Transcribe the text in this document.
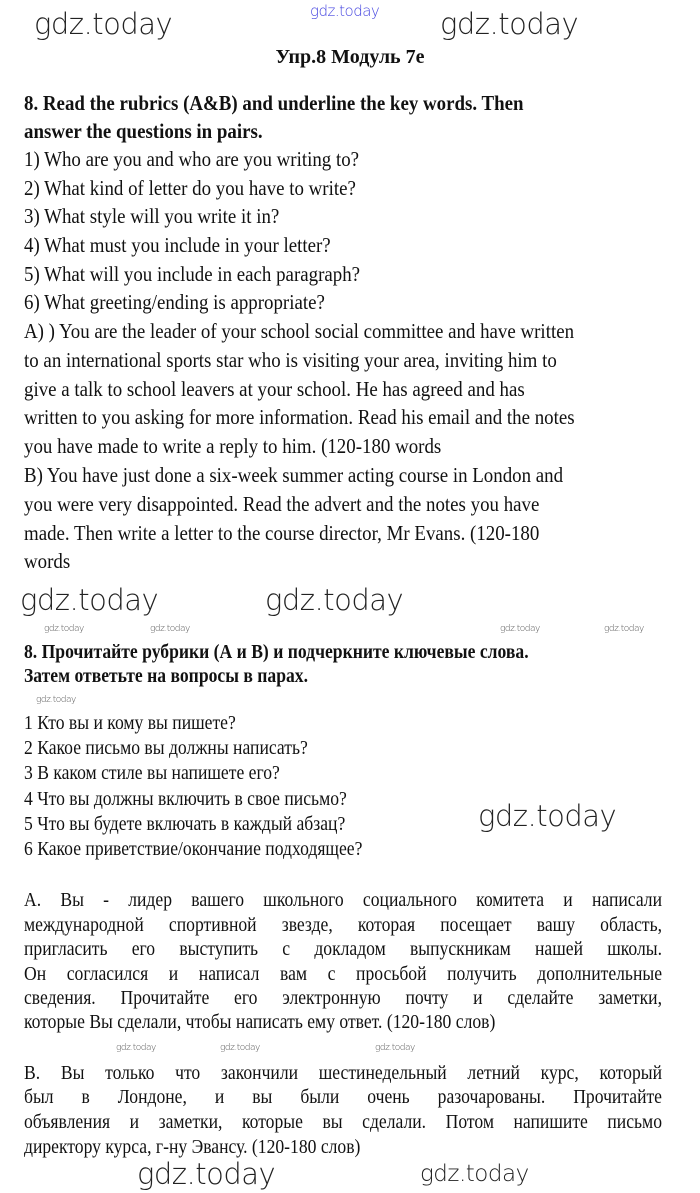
gdz.today
Упр.8 Модуль 7e
8. Read the rubrics (A&B) and underline the key words. Then
answer the questions in pairs.
1) Who are you and who are you writing to?
2) What kind of letter do you have to write?
3) What style will you write it in?
4) What must you include in your letter?
5) What will you include in each paragraph?
6) What greeting/ending is appropriate?
A) ) You are the leader of your school social committee and have written
to an international sports star who is visiting your area, inviting him to
give a talk to school leavers at your school. He has agreed and has
written to you asking for more information. Read his email and the notes
you have made to write a reply to him. (120-180 words
B) You have just done a six-week summer acting course in London and
you were very disappointed. Read the advert and the notes you have
made. Then write a letter to the course director, Mr Evans. (120-180
words
8. Прочитайте рубрики (А и В) и подчеркните ключевые слова.
Затем ответьте на вопросы в парах.
1 Кто вы и кому вы пишете?
2 Какое письмо вы должны написать?
3 В каком стиле вы напишете его?
4 Что вы должны включить в свое письмо?
5 Что вы будете включать в каждый абзац?
6 Какое приветствие/окончание подходящее?
А. Вы - лидер вашего школьного социального комитета и написали
международной спортивной звезде, которая посещает вашу область,
пригласить его выступить с докладом выпускникам нашей школы.
Он согласился и написал вам с просьбой получить дополнительные
сведения. Прочитайте его электронную почту и сделайте заметки,
которые Вы сделали, чтобы написать ему ответ. (120-180 слов)
В. Вы только что закончили шестинедельный летний курс, который
был в Лондоне, и вы были очень разочарованы. Прочитайте
объявления и заметки, которые вы сделали. Потом напишите письмо
директору курса, г-ну Эвансу. (120-180 слов)
gdz.today	gdz.today
gdz.today	gdz.today
gdz.today	gdz.today	gdz.today	gdz.today
gdz.today
gdz.today
gdz.today	gdz.today	gdz.today
gdz.today	gdz.today
